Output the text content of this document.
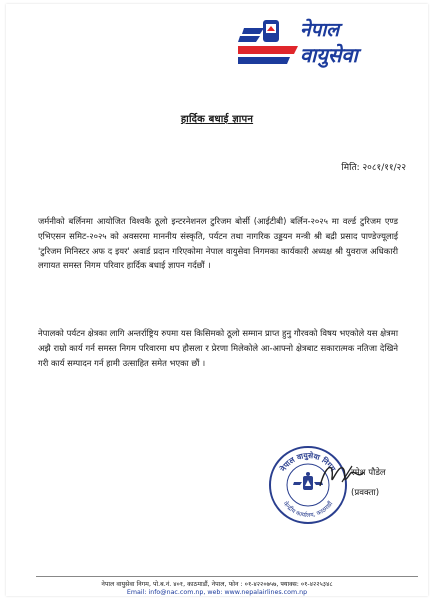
नेपाल
वायुसेवा
हार्दिक बधाई ज्ञापन
मिति: २०८१/११/२२
जर्मनीको बर्लिनमा आयोजित विश्वकै ठूलो इन्टरनेशनल टुरिजम बोर्सी (आईटीबी) बर्लिन-२०२५ मा वर्ल्ड टुरिजम एण्ड एभिएसन समिट-२०२५ को अवसरमा माननीय संस्कृति, पर्यटन तथा नागरिक उड्डयन मन्त्री श्री बद्री प्रसाद पाण्डेज्यूलाई 'टुरिजम मिनिस्टर अफ द इयर' अवार्ड प्रदान गरिएकोमा नेपाल वायुसेवा निगमका कार्यकारी अध्यक्ष श्री युवराज अधिकारी लगायत समस्त निगम परिवार हार्दिक बधाई ज्ञापन गर्दछौं ।
नेपालको पर्यटन क्षेत्रका लागि अन्तर्राष्ट्रिय रुपमा यस किसिमको ठूलो सम्मान प्राप्त हुनु गौरवको विषय भएकोले यस क्षेत्रमा अझै राम्रो कार्य गर्न समस्त निगम परिवारमा थप हौसला र प्रेरणा मिलेकोले आ-आफ्नो क्षेत्रबाट सकारात्मक नतिजा देखिने गरी कार्य सम्पादन गर्न हामी उत्साहित समेत भएका छौं ।
नेपाल वायुसेवा निगम
केन्द्रीय कार्यालय, काठमाडौं
रमेश पौडेल
(प्रवक्ता)
नेपाल वायुसेवा निगम, पो.ब.नं. ४०१, काठमाडौं, नेपाल, फोन : ०१-४२२०७५७, फ्याक्स: ०१-४२२५३४८
Email: info@nac.com.np, web: www.nepalairlines.com.np
